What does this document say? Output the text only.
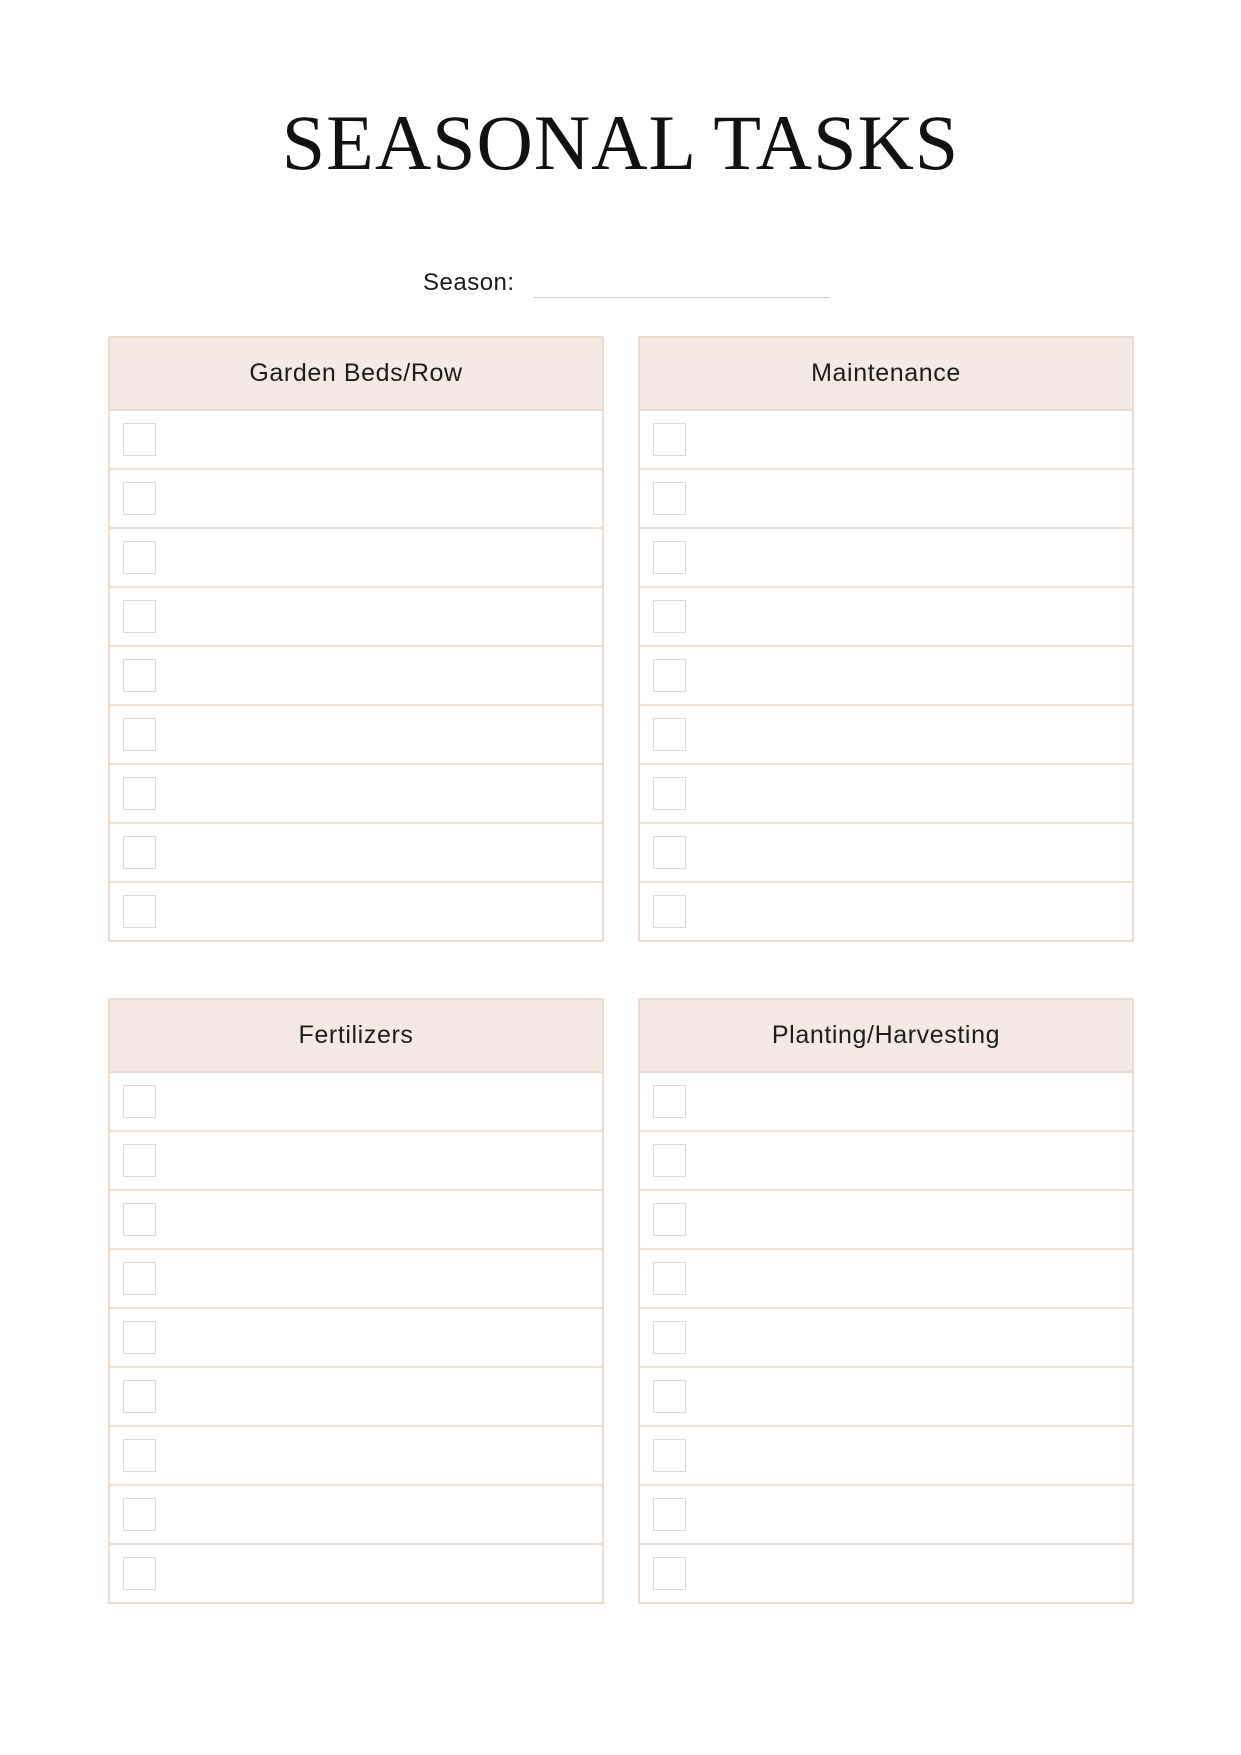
SEASONAL TASKS
Season:
Garden Beds/Row	Maintenance
Fertilizers	Planting/Harvesting
